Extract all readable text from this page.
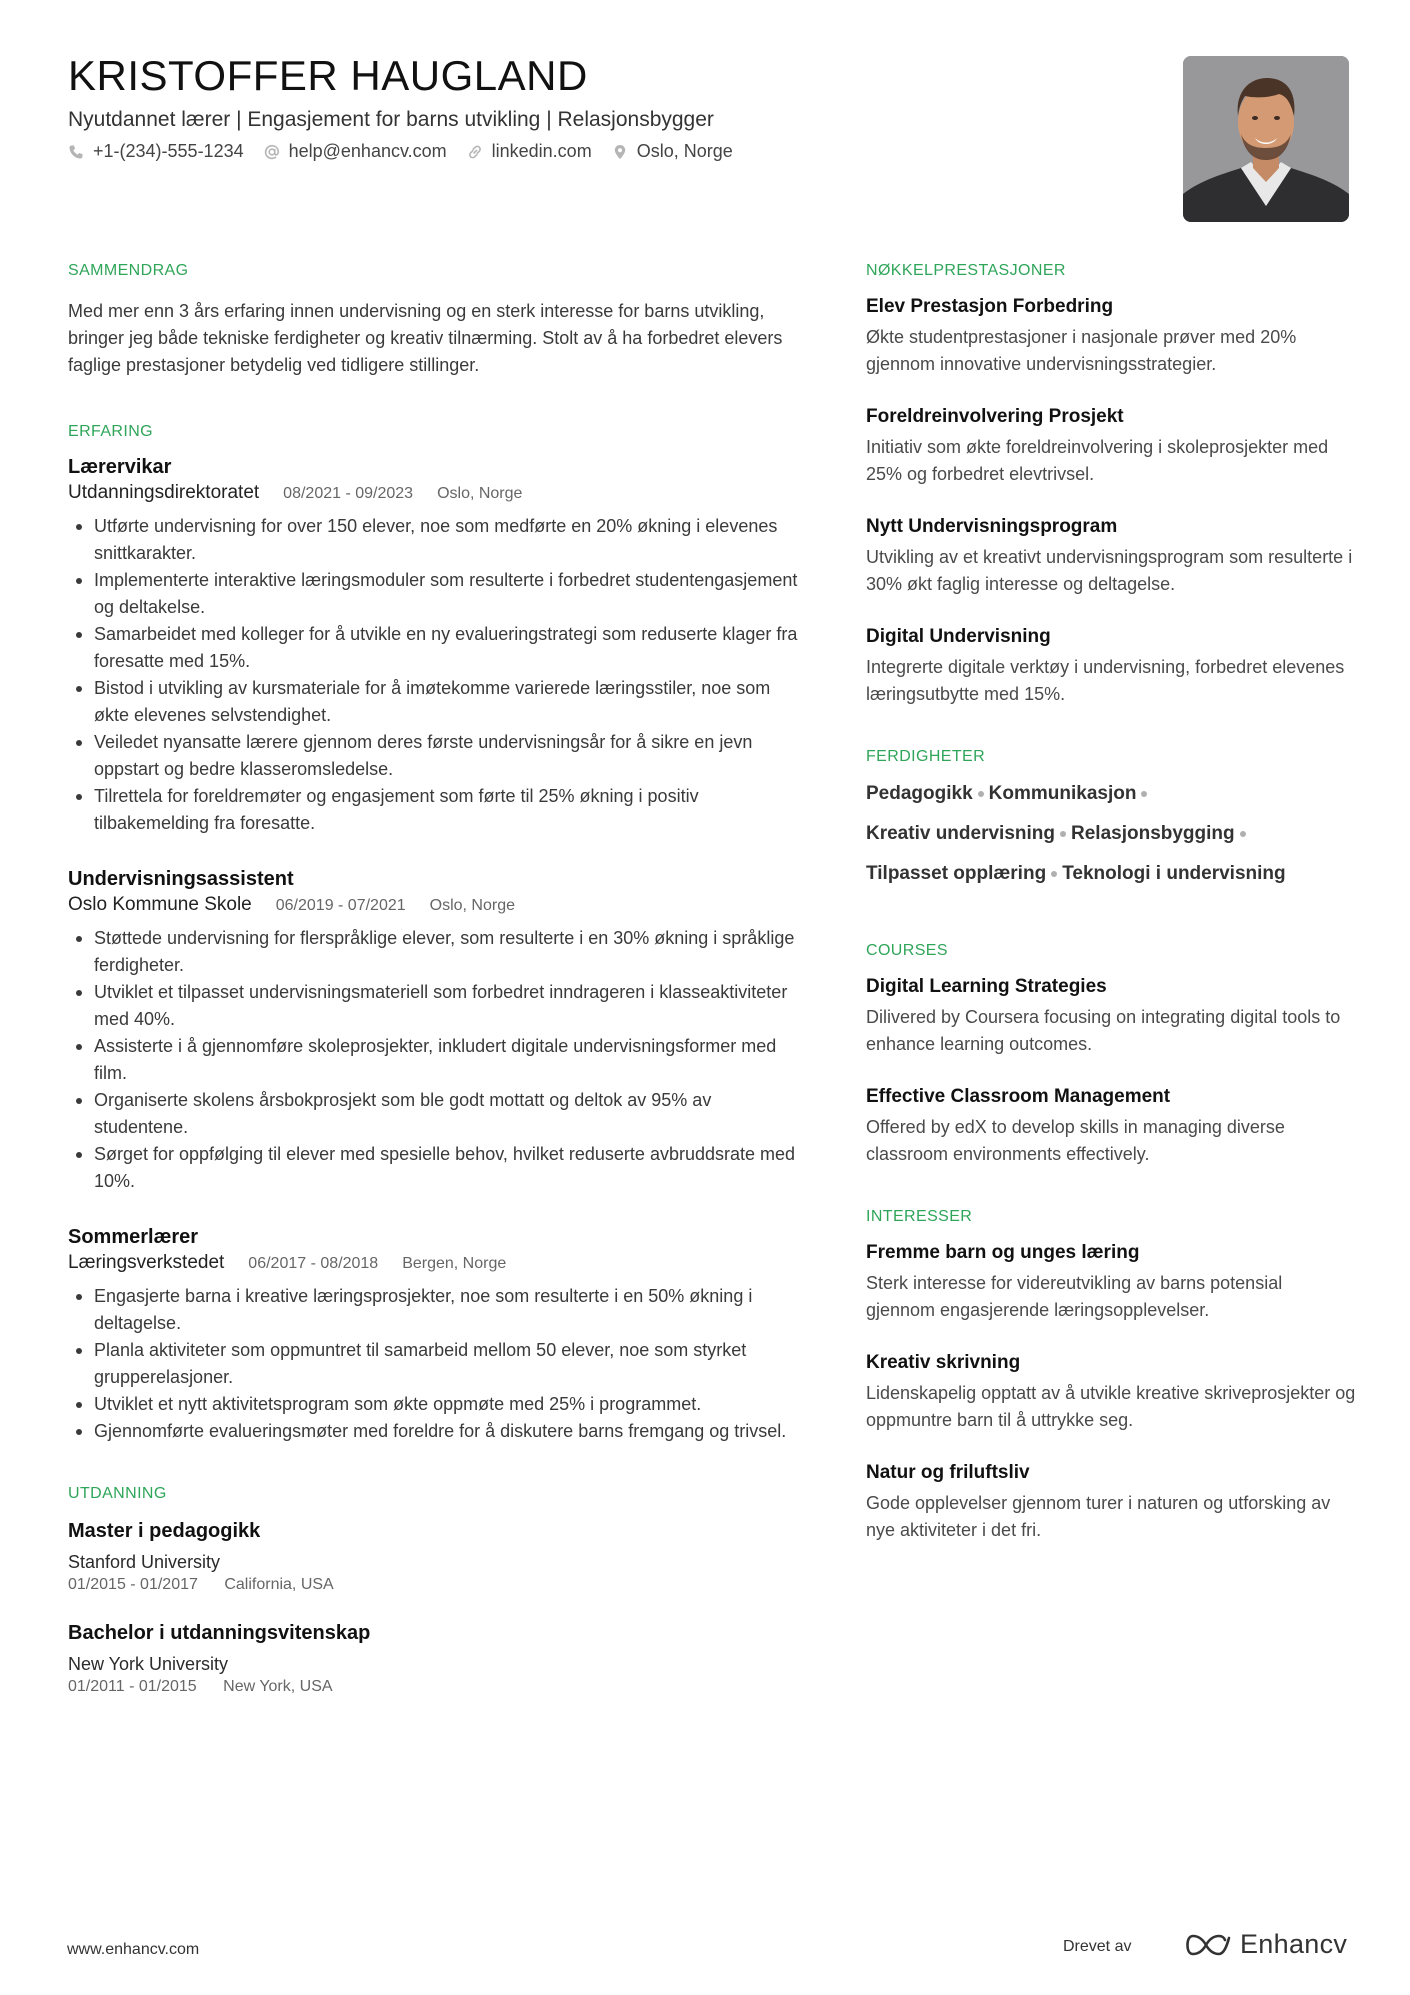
KRISTOFFER HAUGLAND
Nyutdannet lærer | Engasjement for barns utvikling | Relasjonsbygger
+1-(234)-555-1234	help@enhancv.com	linkedin.com	Oslo, Norge
SAMMENDRAG

Med mer enn 3 års erfaring innen undervisning og en sterk interesse for barns utvikling, bringer jeg både tekniske ferdigheter og kreativ tilnærming. Stolt av å ha forbedret elevers faglige prestasjoner betydelig ved tidligere stillinger.

ERFARING
Lærervikar
Utdanningsdirektoratet 08/2021 - 09/2023 Oslo, Norge
Utførte undervisning for over 150 elever, noe som medførte en 20% økning i elevenes snittkarakter.
Implementerte interaktive læringsmoduler som resulterte i forbedret studentengasjement og deltakelse.
Samarbeidet med kolleger for å utvikle en ny evalueringstrategi som reduserte klager fra foresatte med 15%.
Bistod i utvikling av kursmateriale for å imøtekomme varierede læringsstiler, noe som økte elevenes selvstendighet.
Veiledet nyansatte lærere gjennom deres første undervisningsår for å sikre en jevn oppstart og bedre klasseromsledelse.
Tilrettela for foreldremøter og engasjement som førte til 25% økning i positiv tilbakemelding fra foresatte.
Undervisningsassistent
Oslo Kommune Skole 06/2019 - 07/2021 Oslo, Norge
Støttede undervisning for flerspråklige elever, som resulterte i en 30% økning i språklige ferdigheter.
Utviklet et tilpasset undervisningsmateriell som forbedret inndrageren i klasseaktiviteter med 40%.
Assisterte i å gjennomføre skoleprosjekter, inkludert digitale undervisningsformer med film.
Organiserte skolens årsbokprosjekt som ble godt mottatt og deltok av 95% av studentene.
Sørget for oppfølging til elever med spesielle behov, hvilket reduserte avbruddsrate med 10%.
Sommerlærer
Læringsverkstedet 06/2017 - 08/2018 Bergen, Norge
Engasjerte barna i kreative læringsprosjekter, noe som resulterte i en 50% økning i deltagelse.
Planla aktiviteter som oppmuntret til samarbeid mellom 50 elever, noe som styrket grupperelasjoner.
Utviklet et nytt aktivitetsprogram som økte oppmøte med 25% i programmet.
Gjennomførte evalueringsmøter med foreldre for å diskutere barns fremgang og trivsel.
UTDANNING
Master i pedagogikk
Stanford University
01/2015 - 01/2017 California, USA
Bachelor i utdanningsvitenskap
New York University
01/2011 - 01/2015 New York, USA
NØKKELPRESTASJONER
Elev Prestasjon Forbedring

Økte studentprestasjoner i nasjonale prøver med 20% gjennom innovative undervisningsstrategier.

Foreldreinvolvering Prosjekt

Initiativ som økte foreldreinvolvering i skoleprosjekter med 25% og forbedret elevtrivsel.

Nytt Undervisningsprogram

Utvikling av et kreativt undervisningsprogram som resulterte i 30% økt faglig interesse og deltagelse.

Digital Undervisning

Integrerte digitale verktøy i undervisning, forbedret elevenes læringsutbytte med 15%.

FERDIGHETER
Pedagogikk Kommunikasjon
Kreativ undervisning Relasjonsbygging
Tilpasset opplæring Teknologi i undervisning
COURSES
Digital Learning Strategies

Dilivered by Coursera focusing on integrating digital tools to enhance learning outcomes.

Effective Classroom Management

Offered by edX to develop skills in managing diverse classroom environments effectively.

INTERESSER
Fremme barn og unges læring

Sterk interesse for videreutvikling av barns potensial gjennom engasjerende læringsopplevelser.

Kreativ skrivning

Lidenskapelig opptatt av å utvikle kreative skriveprosjekter og oppmuntre barn til å uttrykke seg.

Natur og friluftsliv

Gode opplevelser gjennom turer i naturen og utforsking av nye aktiviteter i det fri.

www.enhancv.com	Drevet av	Enhancv
